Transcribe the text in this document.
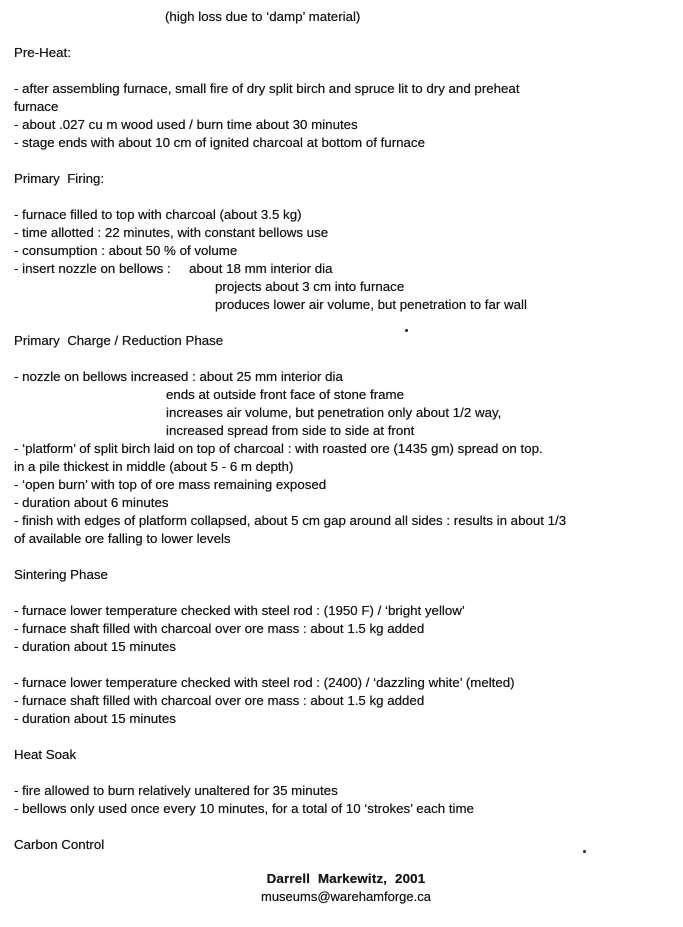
(high loss due to ‘damp’ material)
Pre-Heat:

- after assembling furnace, small fire of dry split birch and spruce lit to dry and preheat

furnace

- about .027 cu m wood used / burn time about 30 minutes

- stage ends with about 10 cm of ignited charcoal at bottom of furnace

Primary  Firing:

- furnace filled to top with charcoal (about 3.5 kg)

- time allotted : 22 minutes, with constant bellows use

- consumption : about 50 % of volume

- insert nozzle on bellows :     about 18 mm interior dia

projects about 3 cm into furnace

produces lower air volume, but penetration to far wall

Primary  Charge / Reduction Phase

- nozzle on bellows increased : about 25 mm interior dia

ends at outside front face of stone frame

increases air volume, but penetration only about 1/2 way,

increased spread from side to side at front

- ‘platform’ of split birch laid on top of charcoal : with roasted ore (1435 gm) spread on top.

in a pile thickest in middle (about 5 - 6 m depth)

- ‘open burn’ with top of ore mass remaining exposed

- duration about 6 minutes

- finish with edges of platform collapsed, about 5 cm gap around all sides : results in about 1/3

of available ore falling to lower levels

Sintering Phase

- furnace lower temperature checked with steel rod : (1950 F) / ‘bright yellow’

- furnace shaft filled with charcoal over ore mass : about 1.5 kg added

- duration about 15 minutes

- furnace lower temperature checked with steel rod : (2400) / ‘dazzling white’ (melted)

- furnace shaft filled with charcoal over ore mass : about 1.5 kg added

- duration about 15 minutes

Heat Soak

- fire allowed to burn relatively unaltered for 35 minutes

- bellows only used once every 10 minutes, for a total of 10 ‘strokes’ each time

Carbon Control
Darrell  Markewitz,  2001
museums@warehamforge.ca
